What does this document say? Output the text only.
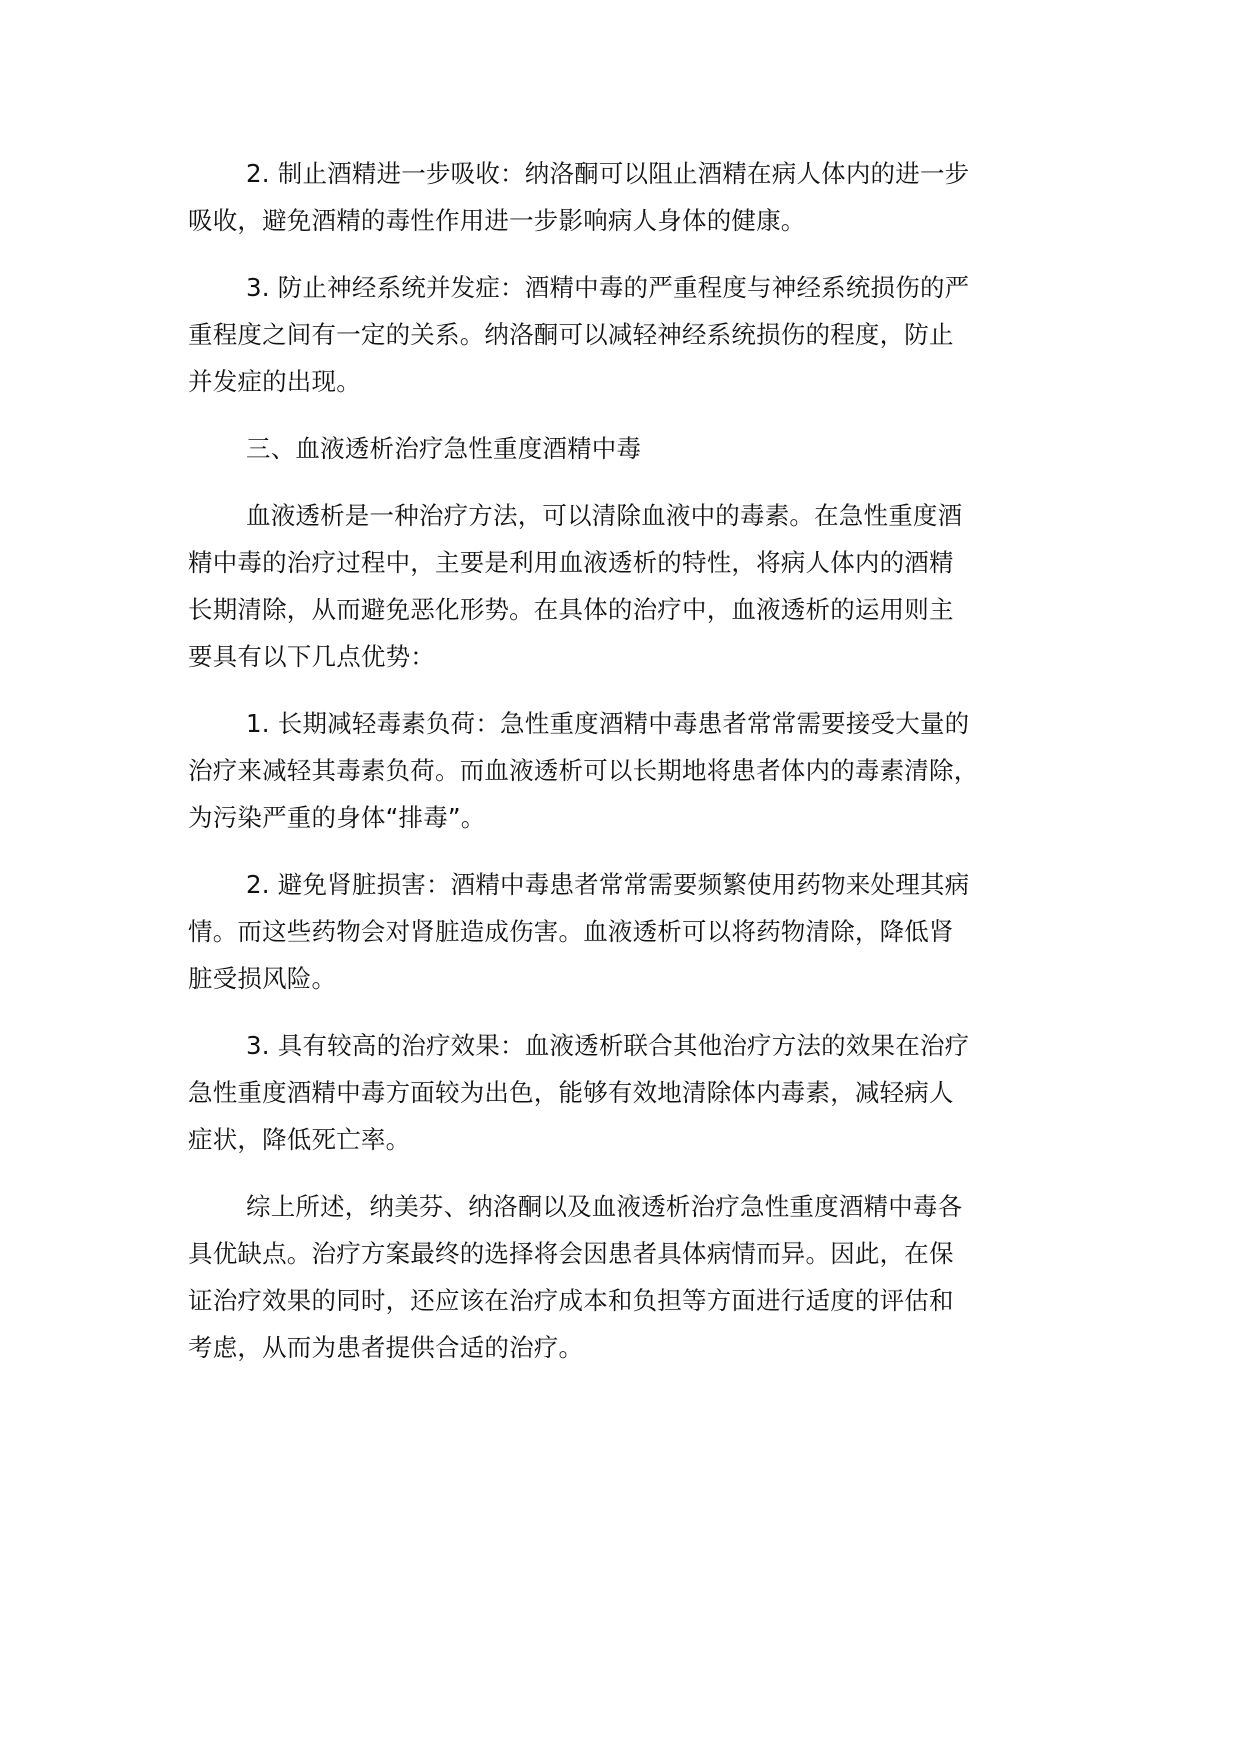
2. 制止酒精进一步吸收：纳洛酮可以阻止酒精在病人体内的进一步
吸收，避免酒精的毒性作用进一步影响病人身体的健康。

3. 防止神经系统并发症：酒精中毒的严重程度与神经系统损伤的严
重程度之间有一定的关系。纳洛酮可以减轻神经系统损伤的程度，防止
并发症的出现。

三、血液透析治疗急性重度酒精中毒

血液透析是一种治疗方法，可以清除血液中的毒素。在急性重度酒
精中毒的治疗过程中，主要是利用血液透析的特性，将病人体内的酒精
长期清除，从而避免恶化形势。在具体的治疗中，血液透析的运用则主
要具有以下几点优势：

1. 长期减轻毒素负荷：急性重度酒精中毒患者常常需要接受大量的
治疗来减轻其毒素负荷。而血液透析可以长期地将患者体内的毒素清除，
为污染严重的身体“排毒”。

2. 避免肾脏损害：酒精中毒患者常常需要频繁使用药物来处理其病
情。而这些药物会对肾脏造成伤害。血液透析可以将药物清除，降低肾
脏受损风险。

3. 具有较高的治疗效果：血液透析联合其他治疗方法的效果在治疗
急性重度酒精中毒方面较为出色，能够有效地清除体内毒素，减轻病人
症状，降低死亡率。

综上所述，纳美芬、纳洛酮以及血液透析治疗急性重度酒精中毒各
具优缺点。治疗方案最终的选择将会因患者具体病情而异。因此，在保
证治疗效果的同时，还应该在治疗成本和负担等方面进行适度的评估和
考虑，从而为患者提供合适的治疗。
